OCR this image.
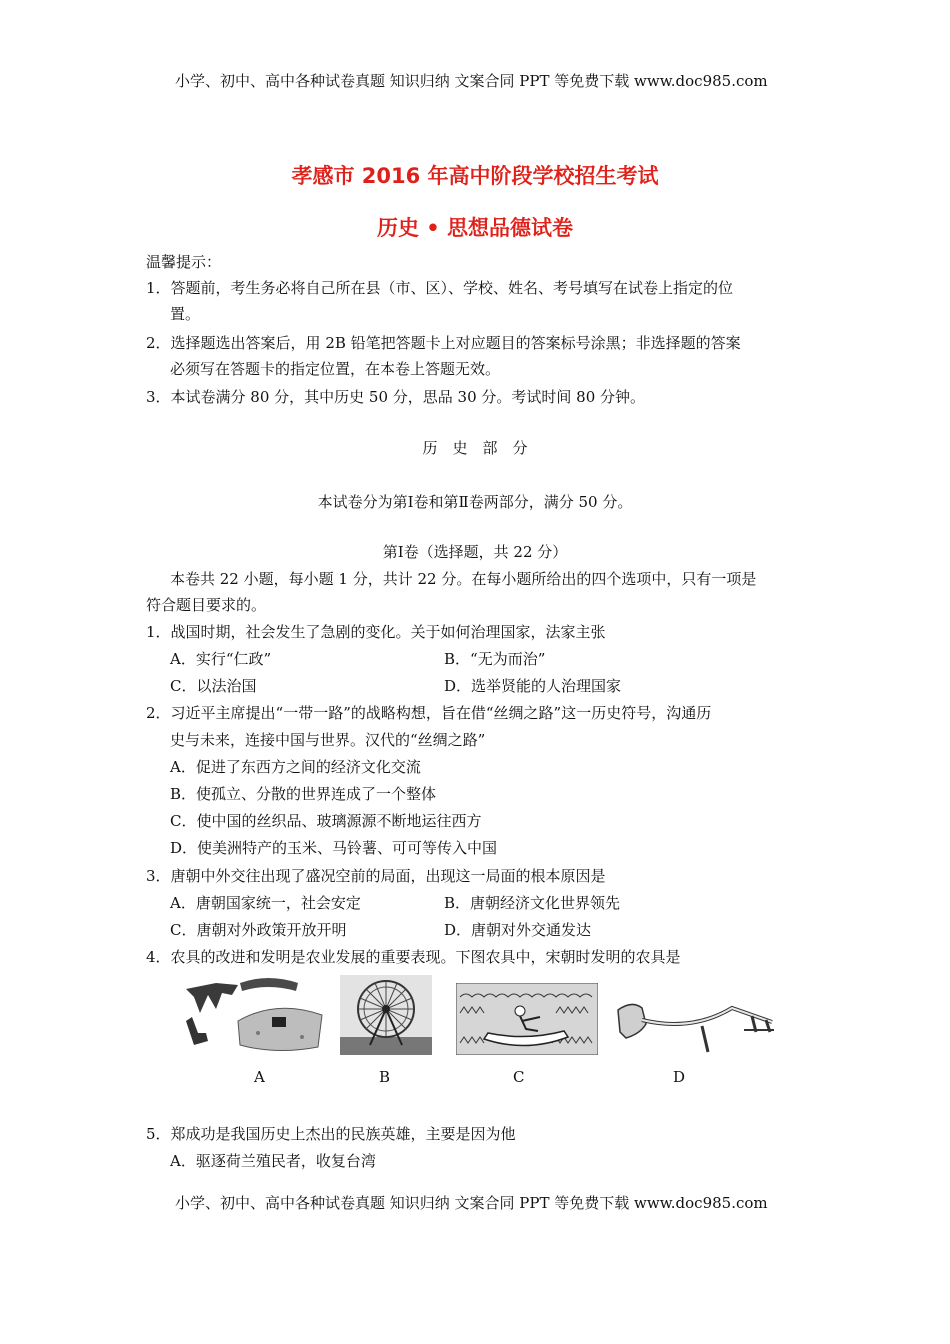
小学、初中、高中各种试卷真题 知识归纳 文案合同 PPT 等免费下载 www.doc985.com
孝感市 2016 年高中阶段学校招生考试
历史 • 思想品德试卷
温馨提示：
1．答题前，考生务必将自己所在县（市、区）、学校、姓名、考号填写在试卷上指定的位
置。
2．选择题选出答案后，用 2B 铅笔把答题卡上对应题目的答案标号涂黑；非选择题的答案
必须写在答题卡的指定位置，在本卷上答题无效。
3．本试卷满分 80 分，其中历史 50 分，思品 30 分。考试时间 80 分钟。
历　史　部　分
本试卷分为第Ⅰ卷和第Ⅱ卷两部分，满分 50 分。
第Ⅰ卷（选择题，共 22 分）
本卷共 22 小题，每小题 1 分，共计 22 分。在每小题所给出的四个选项中，只有一项是
符合题目要求的。
1．战国时期，社会发生了急剧的变化。关于如何治理国家，法家主张
A．实行“仁政”	B．“无为而治”
C．以法治国	D．选举贤能的人治理国家
2．习近平主席提出“一带一路”的战略构想，旨在借“丝绸之路”这一历史符号，沟通历
史与未来，连接中国与世界。汉代的“丝绸之路”
A．促进了东西方之间的经济文化交流
B．使孤立、分散的世界连成了一个整体
C．使中国的丝织品、玻璃源源不断地运往西方
D．使美洲特产的玉米、马铃薯、可可等传入中国
3．唐朝中外交往出现了盛况空前的局面，出现这一局面的根本原因是
A．唐朝国家统一，社会安定	B．唐朝经济文化世界领先
C．唐朝对外政策开放开明	D．唐朝对外交通发达
4．农具的改进和发明是农业发展的重要表现。下图农具中，宋朝时发明的农具是
A	B	C	D
5．郑成功是我国历史上杰出的民族英雄，主要是因为他
A．驱逐荷兰殖民者，收复台湾
小学、初中、高中各种试卷真题 知识归纳 文案合同 PPT 等免费下载 www.doc985.com
